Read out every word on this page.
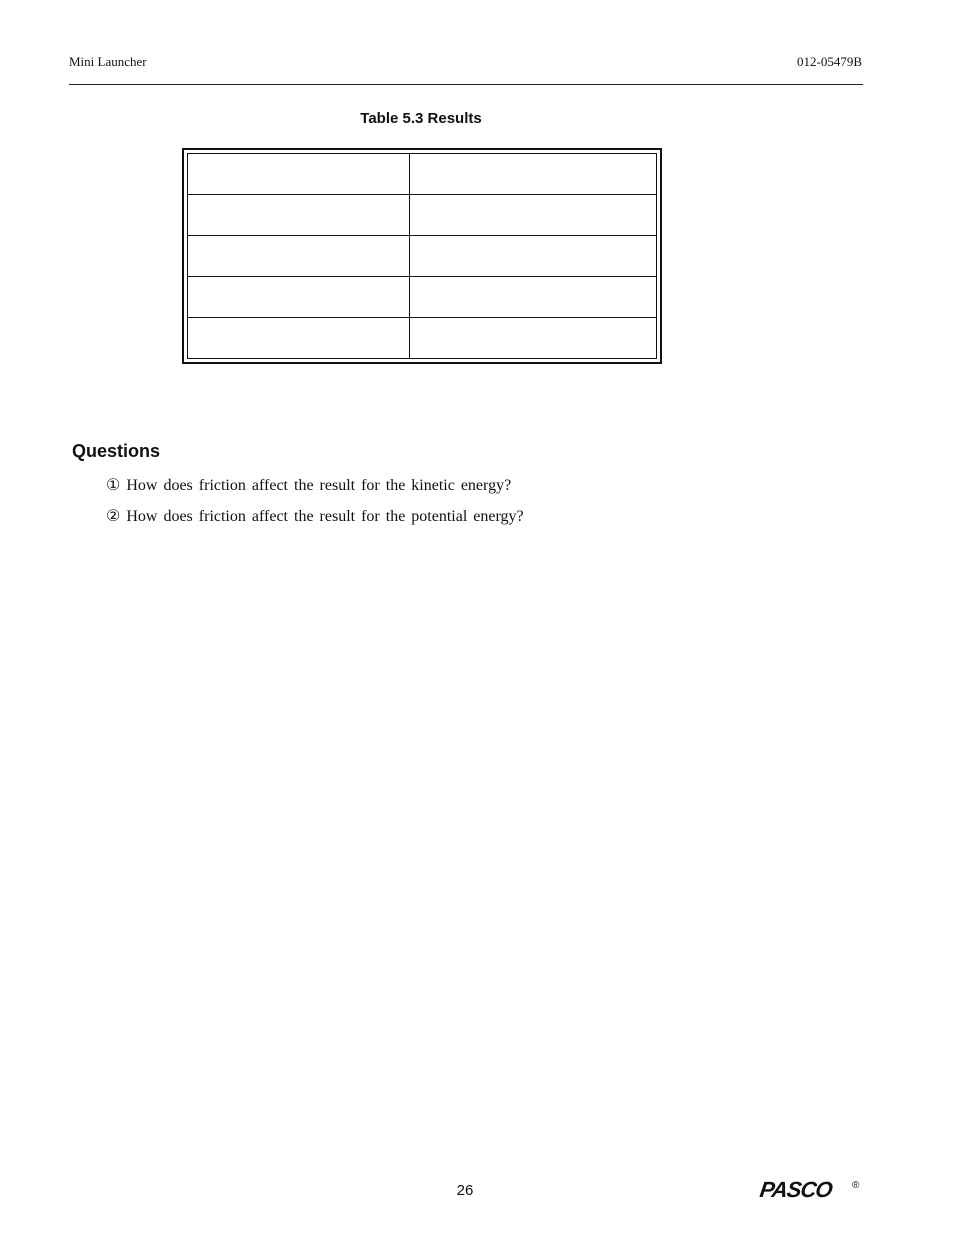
Mini Launcher	012-05479B
Table 5.3 Results

Questions
① How does friction affect the result for the kinetic energy?
② How does friction affect the result for the potential energy?
26	PASCO ®
